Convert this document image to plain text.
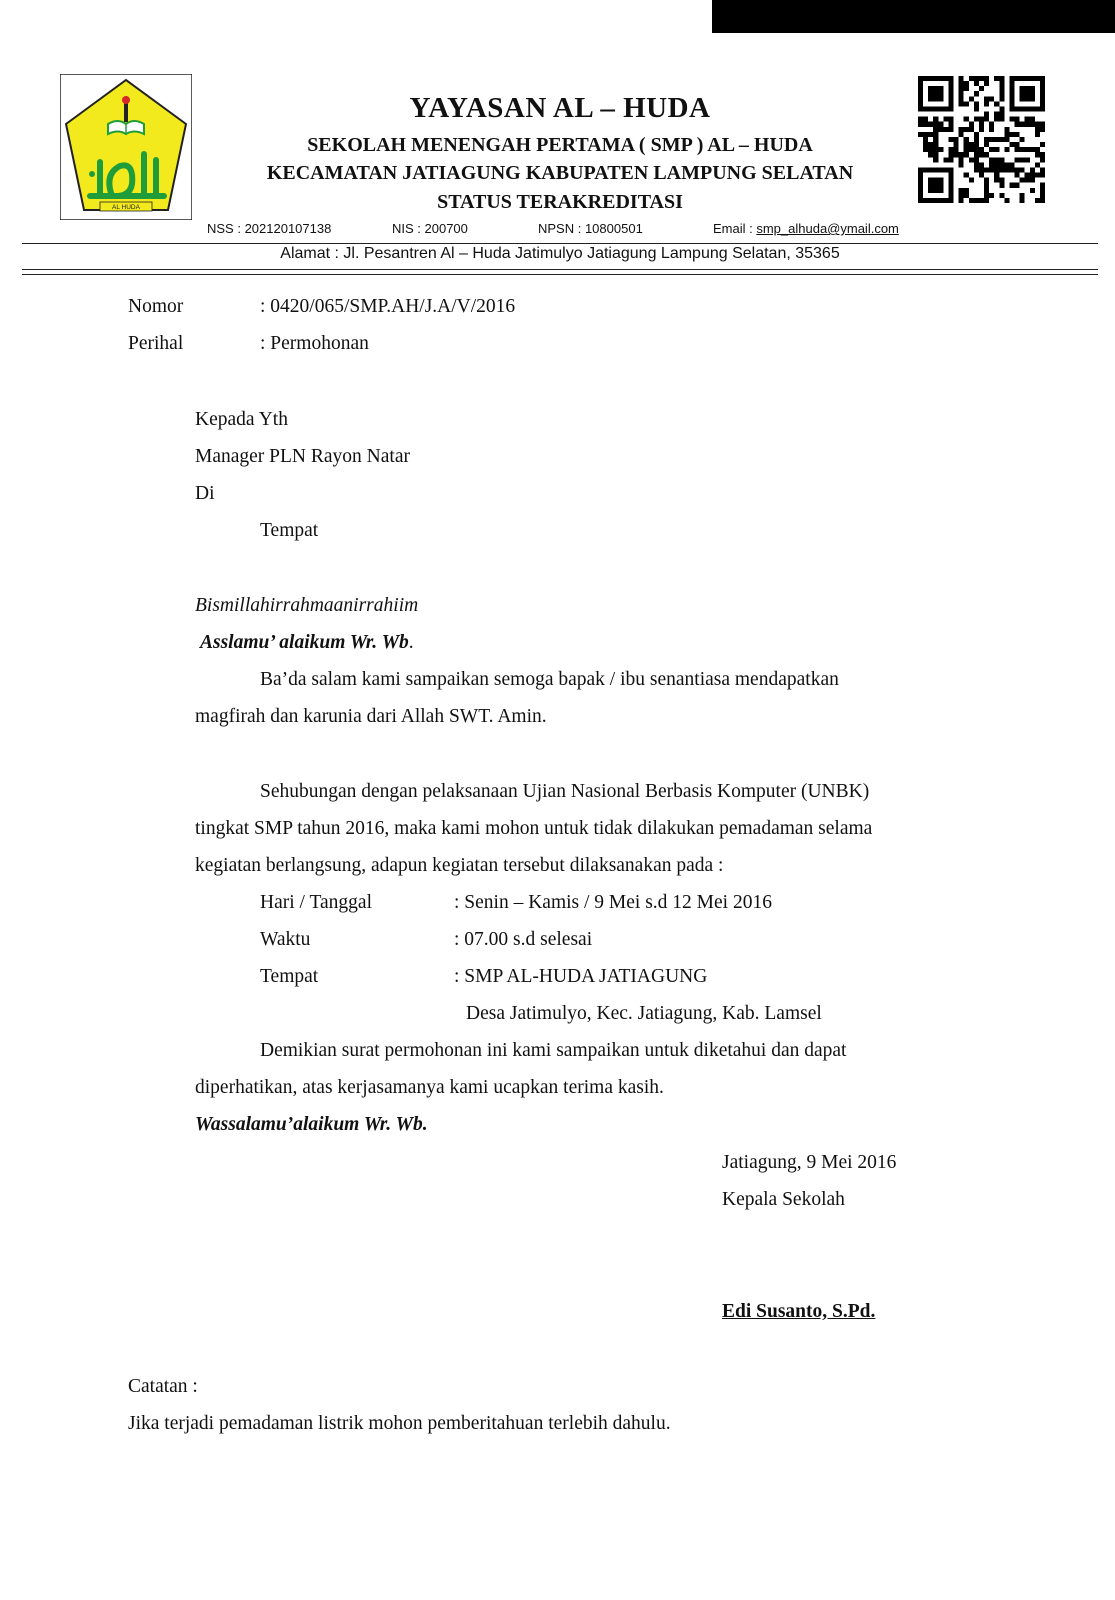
AL HUDA
YAYASAN AL – HUDA
SEKOLAH MENENGAH PERTAMA ( SMP ) AL – HUDA
KECAMATAN JATIAGUNG KABUPATEN LAMPUNG SELATAN
STATUS TERAKREDITASI
NSS : 202120107138	NIS : 200700	NPSN : 10800501	Email : smp_alhuda@ymail.com
Alamat : Jl. Pesantren Al – Huda Jatimulyo Jatiagung Lampung Selatan, 35365
Nomor	: 0420/065/SMP.AH/J.A/V/2016
Perihal	: Permohonan
Kepada Yth
Manager PLN Rayon Natar
Di
Tempat
Bismillahirrahmaanirrahiim
Asslamu’ alaikum Wr. Wb.
Ba’da salam kami sampaikan semoga bapak / ibu senantiasa mendapatkan
magfirah dan karunia dari Allah SWT. Amin.
Sehubungan dengan pelaksanaan Ujian Nasional Berbasis Komputer (UNBK)
tingkat SMP tahun 2016, maka kami mohon untuk tidak dilakukan pemadaman selama
kegiatan berlangsung, adapun kegiatan tersebut dilaksanakan pada :
Hari / Tanggal	: Senin – Kamis / 9 Mei s.d 12 Mei 2016
Waktu	: 07.00 s.d selesai
Tempat	: SMP AL-HUDA JATIAGUNG
Desa Jatimulyo, Kec. Jatiagung, Kab. Lamsel
Demikian surat permohonan ini kami sampaikan untuk diketahui dan dapat
diperhatikan, atas kerjasamanya kami ucapkan terima kasih.
Wassalamu’alaikum Wr. Wb.
Jatiagung, 9 Mei 2016
Kepala Sekolah
Edi Susanto, S.Pd.
Catatan :
Jika terjadi pemadaman listrik mohon pemberitahuan terlebih dahulu.
